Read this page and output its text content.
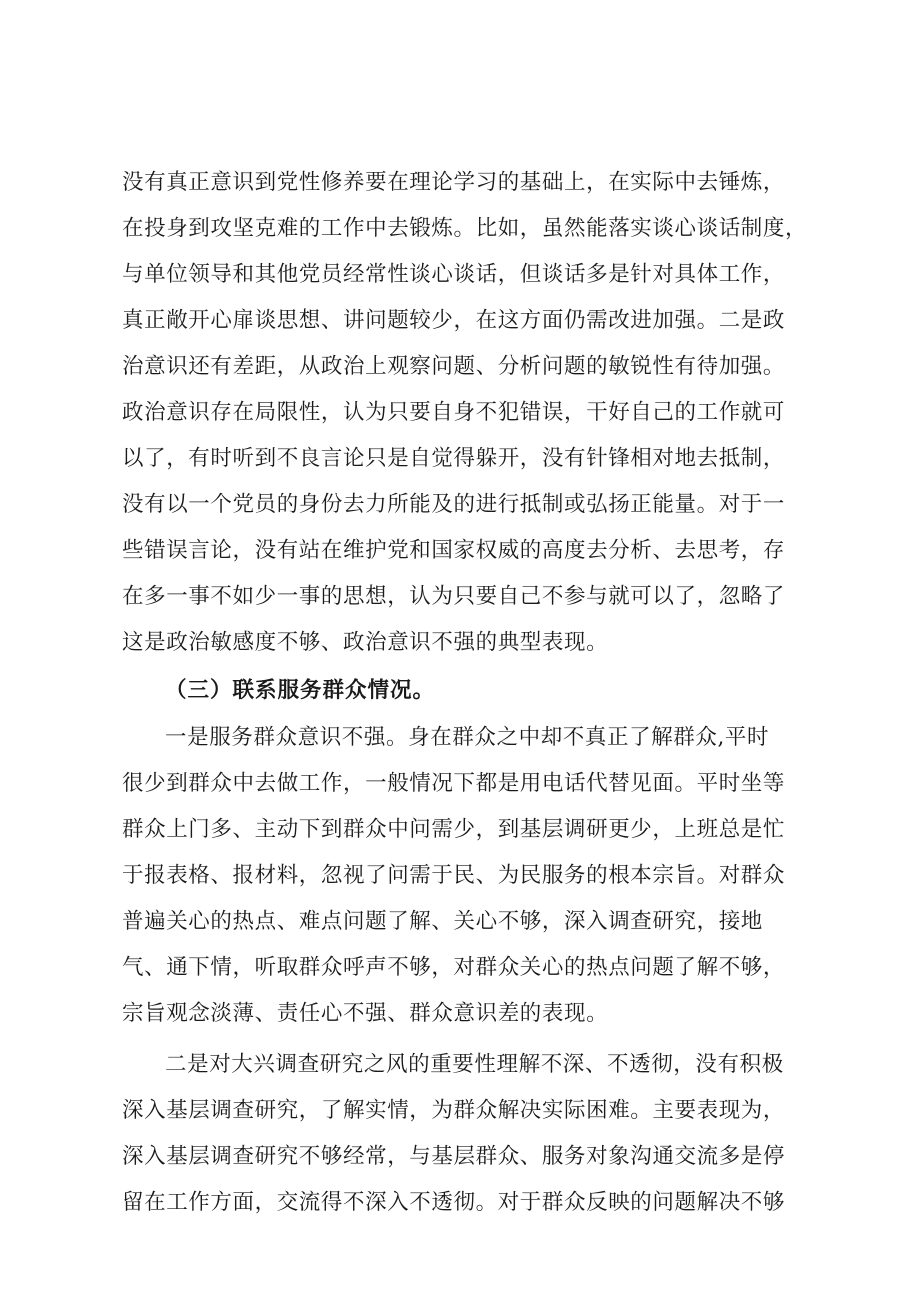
没有真正意识到党性修养要在理论学习的基础上，在实际中去锤炼，
在投身到攻坚克难的工作中去锻炼。比如，虽然能落实谈心谈话制度，
与单位领导和其他党员经常性谈心谈话，但谈话多是针对具体工作，
真正敞开心扉谈思想、讲问题较少，在这方面仍需改进加强。二是政
治意识还有差距，从政治上观察问题、分析问题的敏锐性有待加强。
政治意识存在局限性，认为只要自身不犯错误，干好自己的工作就可
以了，有时听到不良言论只是自觉得躲开，没有针锋相对地去抵制，
没有以一个党员的身份去力所能及的进行抵制或弘扬正能量。对于一
些错误言论，没有站在维护党和国家权威的高度去分析、去思考，存
在多一事不如少一事的思想，认为只要自己不参与就可以了，忽略了
这是政治敏感度不够、政治意识不强的典型表现。
（三）联系服务群众情况。
一是服务群众意识不强。身在群众之中却不真正了解群众,平时
很少到群众中去做工作，一般情况下都是用电话代替见面。平时坐等
群众上门多、主动下到群众中问需少，到基层调研更少，上班总是忙
于报表格、报材料，忽视了问需于民、为民服务的根本宗旨。对群众
普遍关心的热点、难点问题了解、关心不够，深入调查研究，接地
气、通下情，听取群众呼声不够，对群众关心的热点问题了解不够，
宗旨观念淡薄、责任心不强、群众意识差的表现。
二是对大兴调查研究之风的重要性理解不深、不透彻，没有积极
深入基层调查研究，了解实情，为群众解决实际困难。主要表现为，
深入基层调查研究不够经常，与基层群众、服务对象沟通交流多是停
留在工作方面，交流得不深入不透彻。对于群众反映的问题解决不够
